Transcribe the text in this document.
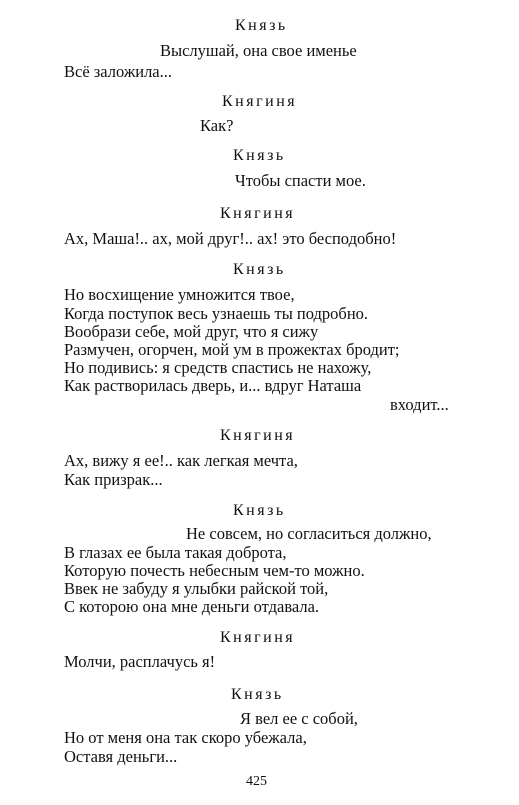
Князь
Выслушай, она свое именье
Всё заложила...
Княгиня
Как?
Князь
Чтобы спасти мое.
Княгиня
Ах, Маша!.. ах, мой друг!.. ах! это бесподобно!
Князь
Но восхищение умножится твое,
Когда поступок весь узнаешь ты подробно.
Вообрази себе, мой друг, что я сижу
Размучен, огорчен, мой ум в прожектах бродит;
Но подивись: я средств спастись не нахожу,
Как растворилась дверь, и... вдруг Наташа
входит...
Княгиня
Ах, вижу я ее!.. как легкая мечта,
Как призрак...
Князь
Не совсем, но согласиться должно,
В глазах ее была такая доброта,
Которую почесть небесным чем-то можно.
Ввек не забуду я улыбки райской той,
С которою она мне деньги отдавала.
Княгиня
Молчи, расплачусь я!
Князь
Я вел ее с собой,
Но от меня она так скоро убежала,
Оставя деньги...
425
